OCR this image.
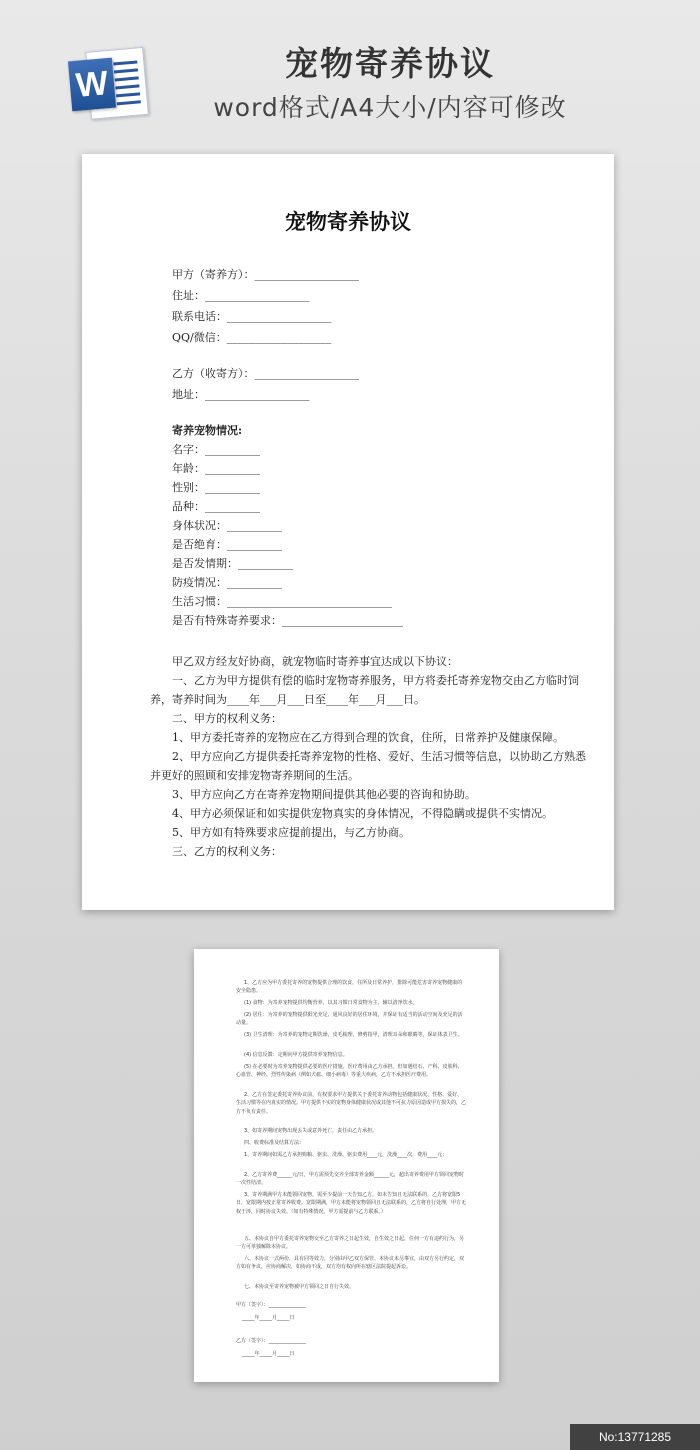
W
宠物寄养协议
word格式/A4大小/内容可修改
宠物寄养协议
甲方（寄养方）：___________________
住址：___________________
联系电话：___________________
QQ/微信：___________________
乙方（收寄方）：___________________
地址：___________________
寄养宠物情况:
名字：__________
年龄：__________
性别：__________
品种：__________
身体状况：__________
是否绝育：__________
是否发情期：__________
防疫情况：__________
生活习惯：______________________________
是否有特殊寄养要求：______________________
甲乙双方经友好协商，就宠物临时寄养事宜达成以下协议：
一、乙方为甲方提供有偿的临时宠物寄养服务，甲方将委托寄养宠物交由乙方临时饲养，寄养时间为____年___月___日至____年___月___日。
二、甲方的权利义务：
1、甲方委托寄养的宠物应在乙方得到合理的饮食，住所，日常养护及健康保障。
2、甲方应向乙方提供委托寄养宠物的性格、爱好、生活习惯等信息，以协助乙方熟悉并更好的照顾和安排宠物寄养期间的生活。
3、甲方应向乙方在寄养宠物期间提供其他必要的咨询和协助。
4、甲方必须保证和如实提供宠物真实的身体情况，不得隐瞒或提供不实情况。
5、甲方如有特殊要求应提前提出，与乙方协商。
三、乙方的权利义务：
1、乙方应为甲方委托寄养的宠物提供合理的饮食，住所及日常养护，排除可能危害寄养宠物健康的安全隐患。
(1) 食物：为寄养宠物提供均衡营养，以其习惯日常食物为主，辅以清净饮水。
(2) 居住：为寄养的宠物提供阳光充足、通风良好的居住环境，并保证有适当的活动空间及充足的活动量。
(3) 卫生清理：为寄养的宠物定期洗澡，皮毛梳理，修剪指甲，清理耳朵和眼睛等，保证体表卫生。
(4) 信息反馈：定期向甲方提供寄养宠物信息。
(5) 在必要时为寄养宠物提供必要的医疗措施，医疗费用由乙方承担。但如遇结石、产科、皮肤科、心血管、神经、烈性传染病（例如犬瘟、细小病毒）等重大疾病，乙方不承担医疗费用。
2、乙方在签定委托寄养协议前，有权要求甲方提供关于委托寄养动物包括健康状况、性格、爱好、生活习惯等在内真实的情况。甲方提供不实的宠物身体健康状况或其他不可抗力原因造成甲方损失的，乙方不负有责任。
3、如寄养期间宠物出现丢失或意外死亡，责任由乙方承担。
四、收费标准及结算方法：
1、寄养期间如需乙方承担购粮、驱虫、洗澡、驱虫费用____元，洗澡____次，费用____元；
2、乙方寄养费______元/日，甲方需预先交齐全部寄养金额______元，超出寄养费用甲方领回宠物时一次性结清。
3、寄养期满甲方未能领回宠物，需至少提前一天告知乙方。如未告知且无法联系的，乙方将宽限5日，宽限期内按正常寄养收费。宽限期满，甲方未能将宠物领回且无法联系的，乙方将自行处理，甲方无权干涉，同时协议失效。（如有特殊情况，甲方需提前与乙方联系。）
五、本协议自甲方委托寄养宠物交至乙方寄养之日起生效，自生效之日起，任何一方有违约行为，另一方可单独解除本协议。
六、本协议一式两份，具有同等效力，分别由甲乙双方保管。本协议未尽事宜，由双方另行约定，双方如有争议，应协商解决，如协商不成，双方均有权向所在辖区法院提起诉讼。
七、本协议至寄养宠物被甲方领回之日自行失效。
甲方（签字）：_______________
_____年_____月_____日
乙方（签字）：_______________
_____年_____月_____日
No:13771285
